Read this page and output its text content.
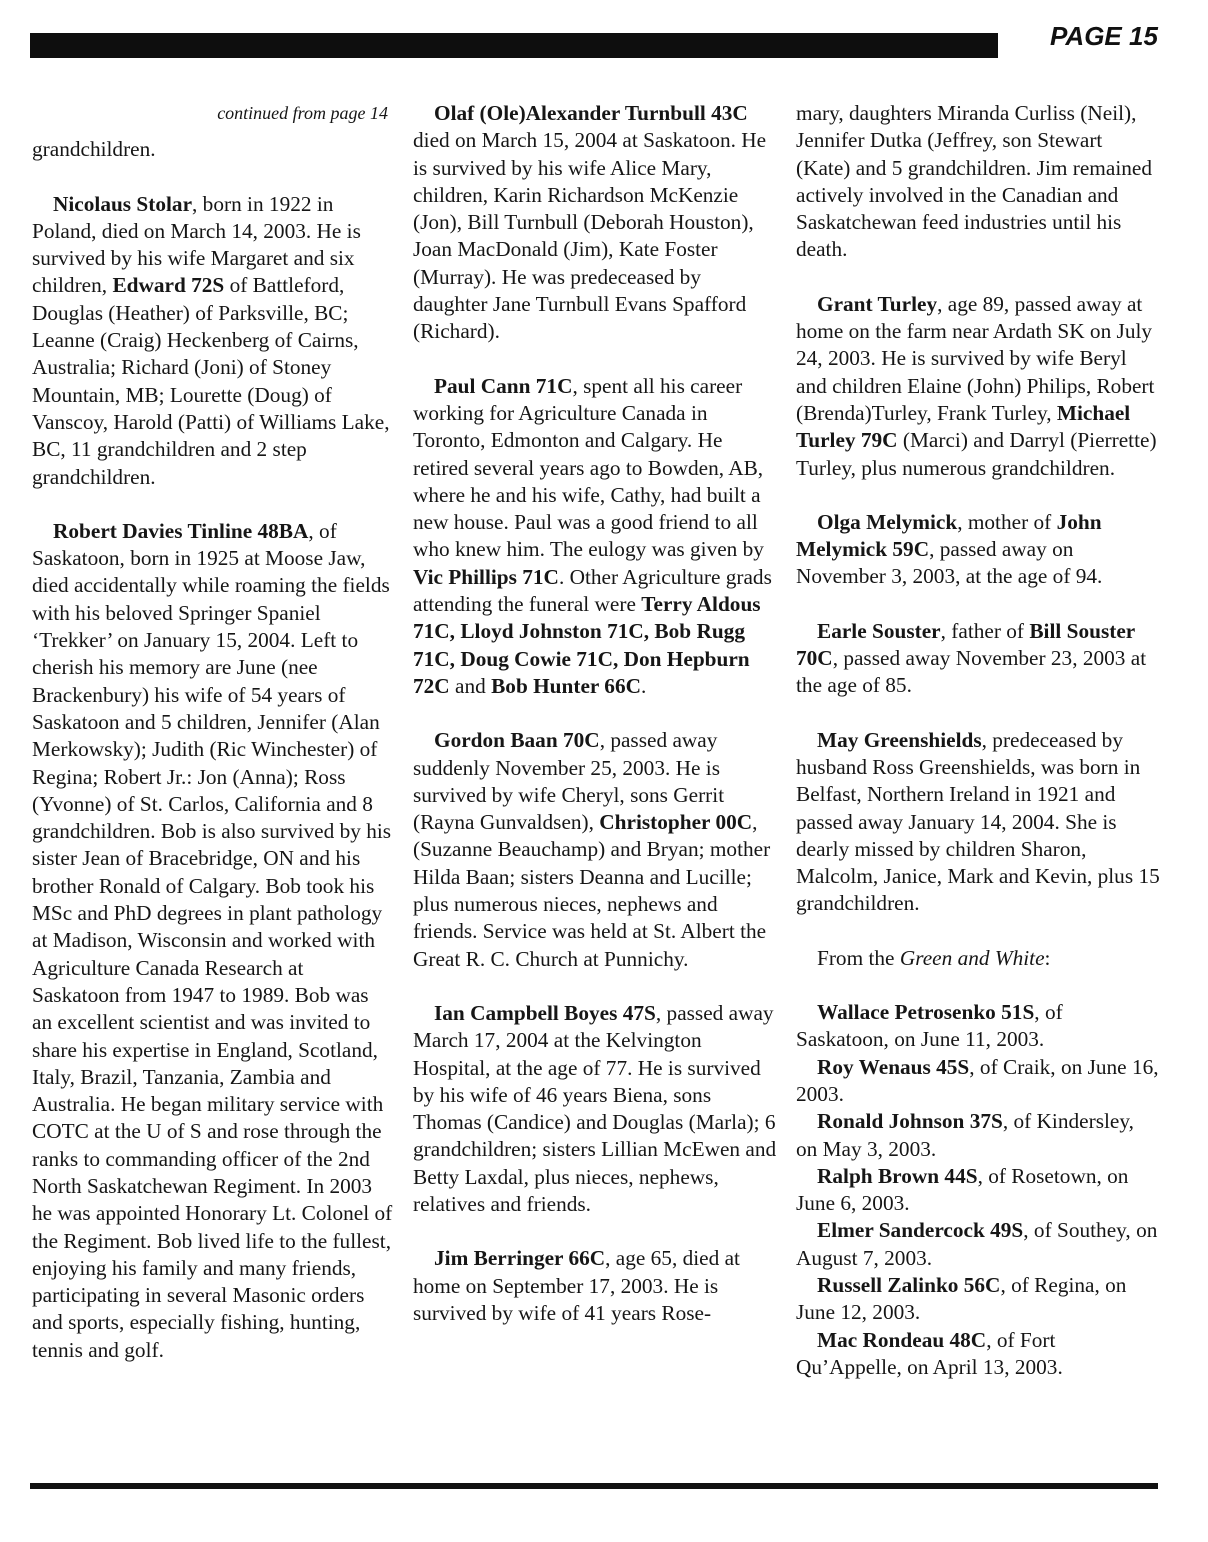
PAGE 15

continued from page 14

grandchildren.

Nicolaus Stolar, born in 1922 in Poland, died on March 14, 2003. He is survived by his wife Margaret and six children, Edward 72S of Battleford, Douglas (Heather) of Parksville, BC; Leanne (Craig) Heckenberg of Cairns, Australia; Richard (Joni) of Stoney Mountain, MB; Lourette (Doug) of Vanscoy, Harold (Patti) of Williams Lake, BC, 11 grandchildren and 2 step grandchildren.

Robert Davies Tinline 48BA, of Saskatoon, born in 1925 at Moose Jaw, died accidentally while roaming the fields with his beloved Springer Spaniel ‘Trekker’ on January 15, 2004. Left to cherish his memory are June (nee Brackenbury) his wife of 54 years of Saskatoon and 5 children, Jennifer (Alan Merkowsky); Judith (Ric Winchester) of Regina; Robert Jr.: Jon (Anna); Ross (Yvonne) of St. Carlos, California and 8 grandchildren. Bob is also survived by his sister Jean of Bracebridge, ON and his brother Ronald of Calgary. Bob took his MSc and PhD degrees in plant pathology at Madison, Wisconsin and worked with Agriculture Canada Research at Saskatoon from 1947 to 1989. Bob was an excellent scientist and was invited to share his expertise in England, Scotland, Italy, Brazil, Tanzania, Zambia and Australia. He began military service with COTC at the U of S and rose through the ranks to commanding officer of the 2nd North Saskatchewan Regiment. In 2003 he was appointed Honorary Lt. Colonel of the Regiment. Bob lived life to the fullest, enjoying his family and many friends, participating in several Masonic orders and sports, especially fishing, hunting, tennis and golf.

Olaf (Ole)Alexander Turnbull 43C died on March 15, 2004 at Saskatoon. He is survived by his wife Alice Mary, children, Karin Richardson McKenzie (Jon), Bill Turnbull (Deborah Houston), Joan MacDonald (Jim), Kate Foster (Murray). He was predeceased by daughter Jane Turnbull Evans Spafford (Richard).

Paul Cann 71C, spent all his career working for Agriculture Canada in Toronto, Edmonton and Calgary. He retired several years ago to Bowden, AB, where he and his wife, Cathy, had built a new house. Paul was a good friend to all who knew him. The eulogy was given by Vic Phillips 71C. Other Agriculture grads attending the funeral were Terry Aldous 71C, Lloyd Johnston 71C, Bob Rugg 71C, Doug Cowie 71C, Don Hepburn 72C and Bob Hunter 66C.

Gordon Baan 70C, passed away suddenly November 25, 2003. He is survived by wife Cheryl, sons Gerrit (Rayna Gunvaldsen), Christopher 00C, (Suzanne Beauchamp) and Bryan; mother Hilda Baan; sisters Deanna and Lucille; plus numerous nieces, nephews and friends. Service was held at St. Albert the Great R. C. Church at Punnichy.

Ian Campbell Boyes 47S, passed away March 17, 2004 at the Kelvington Hospital, at the age of 77. He is survived by his wife of 46 years Biena, sons Thomas (Candice) and Douglas (Marla); 6 grandchildren; sisters Lillian McEwen and Betty Laxdal, plus nieces, nephews, relatives and friends.

Jim Berringer 66C, age 65, died at home on September 17, 2003. He is survived by wife of 41 years Rose-

mary, daughters Miranda Curliss (Neil), Jennifer Dutka (Jeffrey, son Stewart (Kate) and 5 grandchildren. Jim remained actively involved in the Canadian and Saskatchewan feed industries until his death.

Grant Turley, age 89, passed away at home on the farm near Ardath SK on July 24, 2003. He is survived by wife Beryl and children Elaine (John) Philips, Robert (Brenda)Turley, Frank Turley, Michael Turley 79C (Marci) and Darryl (Pierrette) Turley, plus numerous grandchildren.

Olga Melymick, mother of John Melymick 59C, passed away on November 3, 2003, at the age of 94.

Earle Souster, father of Bill Souster 70C, passed away November 23, 2003 at the age of 85.

May Greenshields, predeceased by husband Ross Greenshields, was born in Belfast, Northern Ireland in 1921 and passed away January 14, 2004. She is dearly missed by children Sharon, Malcolm, Janice, Mark and Kevin, plus 15 grandchildren.

From the Green and White:

Wallace Petrosenko 51S, of Saskatoon, on June 11, 2003.

Roy Wenaus 45S, of Craik, on June 16, 2003.

Ronald Johnson 37S, of Kindersley, on May 3, 2003.

Ralph Brown 44S, of Rosetown, on June 6, 2003.

Elmer Sandercock 49S, of Southey, on August 7, 2003.

Russell Zalinko 56C, of Regina, on June 12, 2003.

Mac Rondeau 48C, of Fort Qu’Appelle, on April 13, 2003.
